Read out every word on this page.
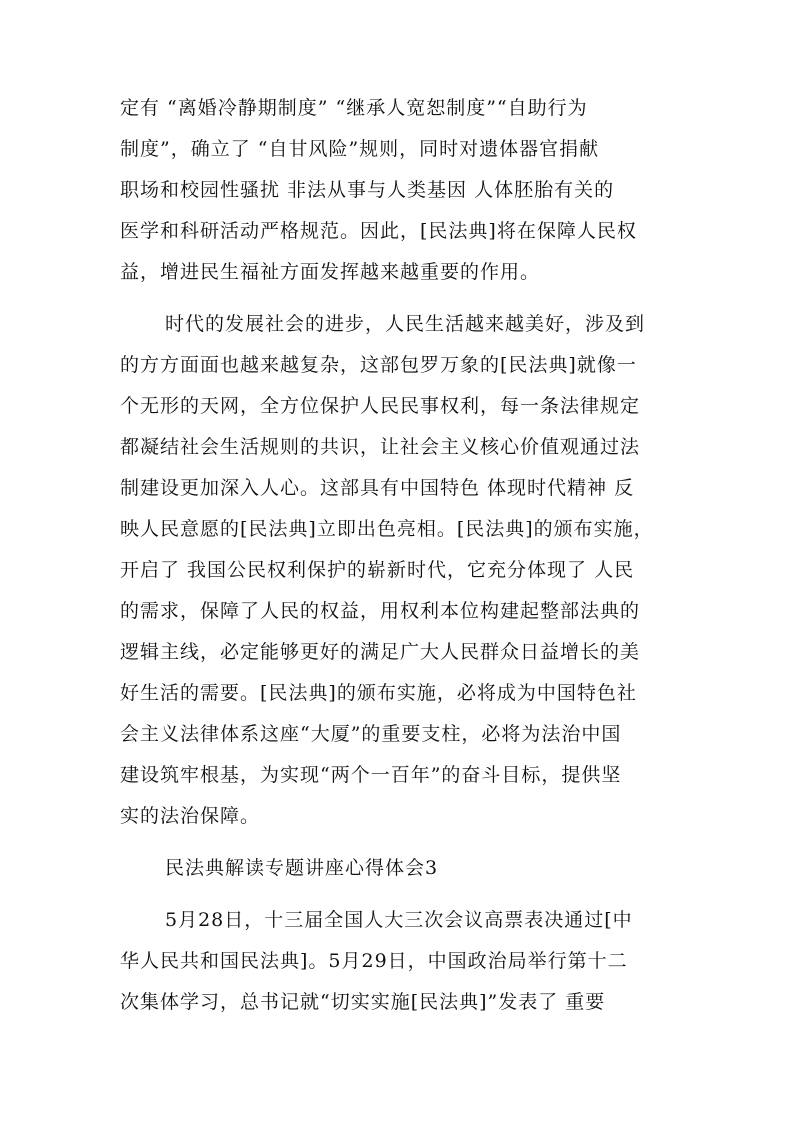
定有 “离婚冷静期制度” “继承人宽恕制度”“自助行为
制度”，确立了 “自甘风险”规则，同时对遗体器官捐献
职场和校园性骚扰 非法从事与人类基因 人体胚胎有关的
医学和科研活动严格规范。因此，[民法典]将在保障人民权
益，增进民生福祉方面发挥越来越重要的作用。
时代的发展社会的进步，人民生活越来越美好，涉及到
的方方面面也越来越复杂，这部包罗万象的[民法典]就像一
个无形的天网，全方位保护人民民事权利，每一条法律规定
都凝结社会生活规则的共识，让社会主义核心价值观通过法
制建设更加深入人心。这部具有中国特色 体现时代精神 反
映人民意愿的[民法典]立即出色亮相。[民法典]的颁布实施，
开启了 我国公民权利保护的崭新时代，它充分体现了 人民
的需求，保障了人民的权益，用权利本位构建起整部法典的
逻辑主线，必定能够更好的满足广大人民群众日益增长的美
好生活的需要。[民法典]的颁布实施，必将成为中国特色社
会主义法律体系这座“大厦”的重要支柱，必将为法治中国
建设筑牢根基，为实现“两个一百年”的奋斗目标，提供坚
实的法治保障。
民法典解读专题讲座心得体会3
5月28日，十三届全国人大三次会议高票表决通过[中
华人民共和国民法典]。5月29日，中国政治局举行第十二
次集体学习，总书记就“切实实施[民法典]”发表了 重要
